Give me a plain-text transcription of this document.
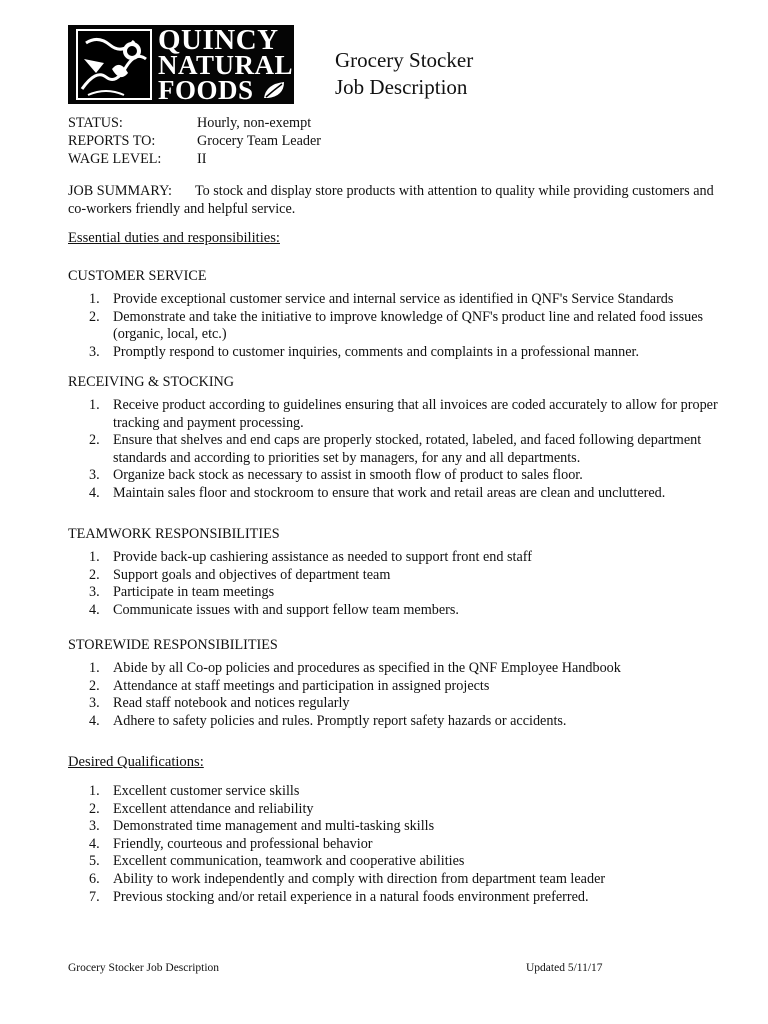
QUINCY
NATURAL
FOODS
Grocery Stocker
Job Description
STATUS:	Hourly, non-exempt
REPORTS TO:	Grocery Team Leader
WAGE LEVEL:	II
JOB SUMMARY: To stock and display store products with attention to quality while providing customers and co-workers friendly and helpful service.
Essential duties and responsibilities:
CUSTOMER SERVICE
1. Provide exceptional customer service and internal service as identified in QNF's Service Standards
2. Demonstrate and take the initiative to improve knowledge of QNF's product line and related food issues (organic, local, etc.)
3. Promptly respond to customer inquiries, comments and complaints in a professional manner.
RECEIVING & STOCKING
1. Receive product according to guidelines ensuring that all invoices are coded accurately to allow for proper tracking and payment processing.
2. Ensure that shelves and end caps are properly stocked, rotated, labeled, and faced following department standards and according to priorities set by managers, for any and all departments.
3. Organize back stock as necessary to assist in smooth flow of product to sales floor.
4. Maintain sales floor and stockroom to ensure that work and retail areas are clean and uncluttered.
TEAMWORK RESPONSIBILITIES
1. Provide back-up cashiering assistance as needed to support front end staff
2. Support goals and objectives of department team
3. Participate in team meetings
4. Communicate issues with and support fellow team members.
STOREWIDE RESPONSIBILITIES
1. Abide by all Co-op policies and procedures as specified in the QNF Employee Handbook
2. Attendance at staff meetings and participation in assigned projects
3. Read staff notebook and notices regularly
4. Adhere to safety policies and rules. Promptly report safety hazards or accidents.
Desired Qualifications:
1. Excellent customer service skills
2. Excellent attendance and reliability
3. Demonstrated time management and multi-tasking skills
4. Friendly, courteous and professional behavior
5. Excellent communication, teamwork and cooperative abilities
6. Ability to work independently and comply with direction from department team leader
7. Previous stocking and/or retail experience in a natural foods environment preferred.
Grocery Stocker Job Description	Updated 5/11/17
